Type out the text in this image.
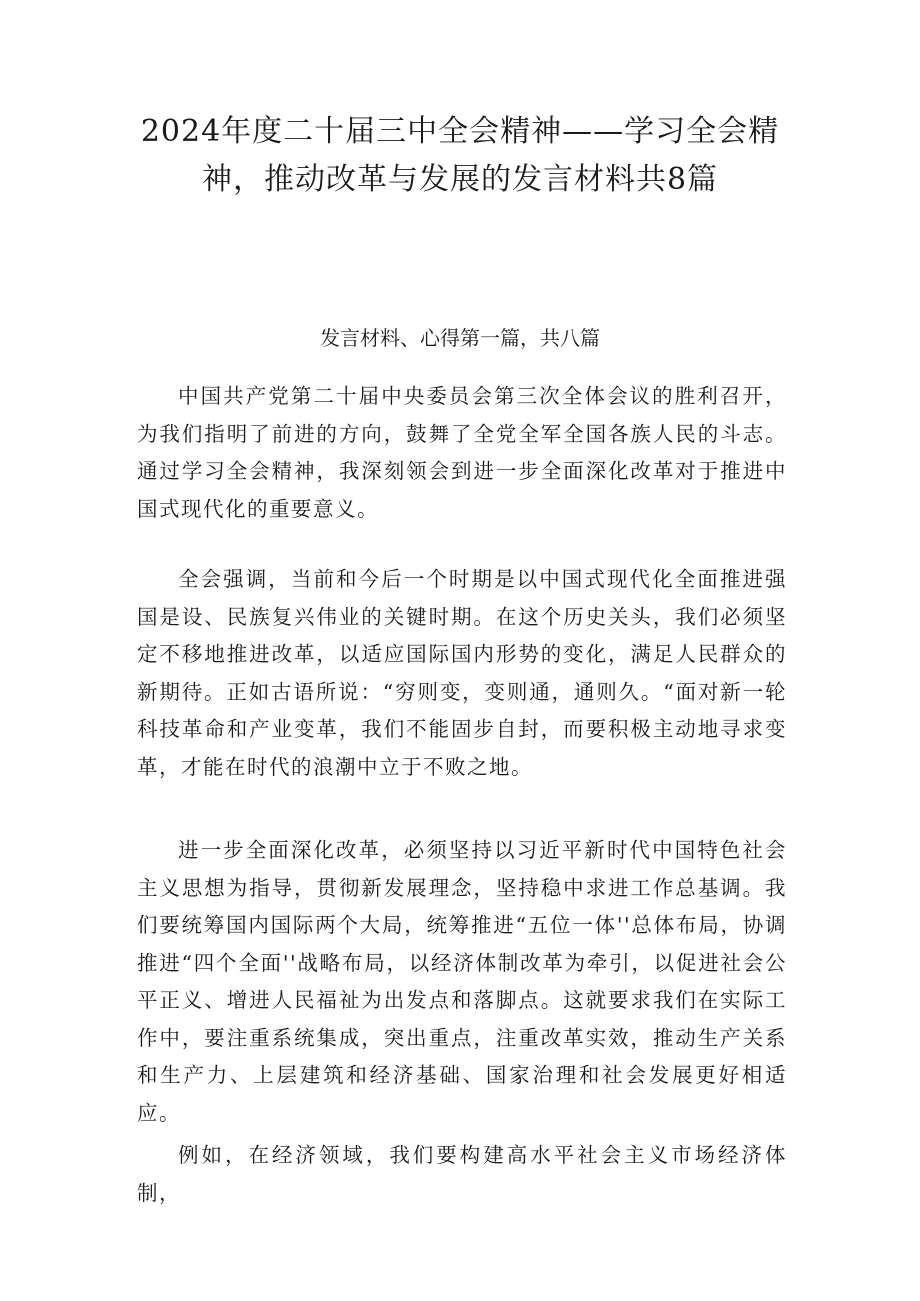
2024年度二十届三中全会精神——学习全会精神，推动改革与发展的发言材料共8篇

发言材料、心得第一篇，共八篇

中国共产党第二十届中央委员会第三次全体会议的胜利召开，为我们指明了前进的方向，鼓舞了全党全军全国各族人民的斗志。通过学习全会精神，我深刻领会到进一步全面深化改革对于推进中国式现代化的重要意义。

全会强调，当前和今后一个时期是以中国式现代化全面推进强国是设、民族复兴伟业的关键时期。在这个历史关头，我们必须坚定不移地推进改革，以适应国际国内形势的变化，满足人民群众的新期待。正如古语所说：“穷则变，变则通，通则久。“面对新一轮科技革命和产业变革，我们不能固步自封，而要积极主动地寻求变革，才能在时代的浪潮中立于不败之地。

进一步全面深化改革，必须坚持以习近平新时代中国特色社会主义思想为指导，贯彻新发展理念，坚持稳中求进工作总基调。我们要统筹国内国际两个大局，统筹推进“五位一体''总体布局，协调推进“四个全面''战略布局，以经济体制改革为牵引，以促进社会公平正义、增进人民福祉为出发点和落脚点。这就要求我们在实际工作中，要注重系统集成，突出重点，注重改革实效，推动生产关系和生产力、上层建筑和经济基础、国家治理和社会发展更好相适应。

例如，在经济领域，我们要构建高水平社会主义市场经济体制，
